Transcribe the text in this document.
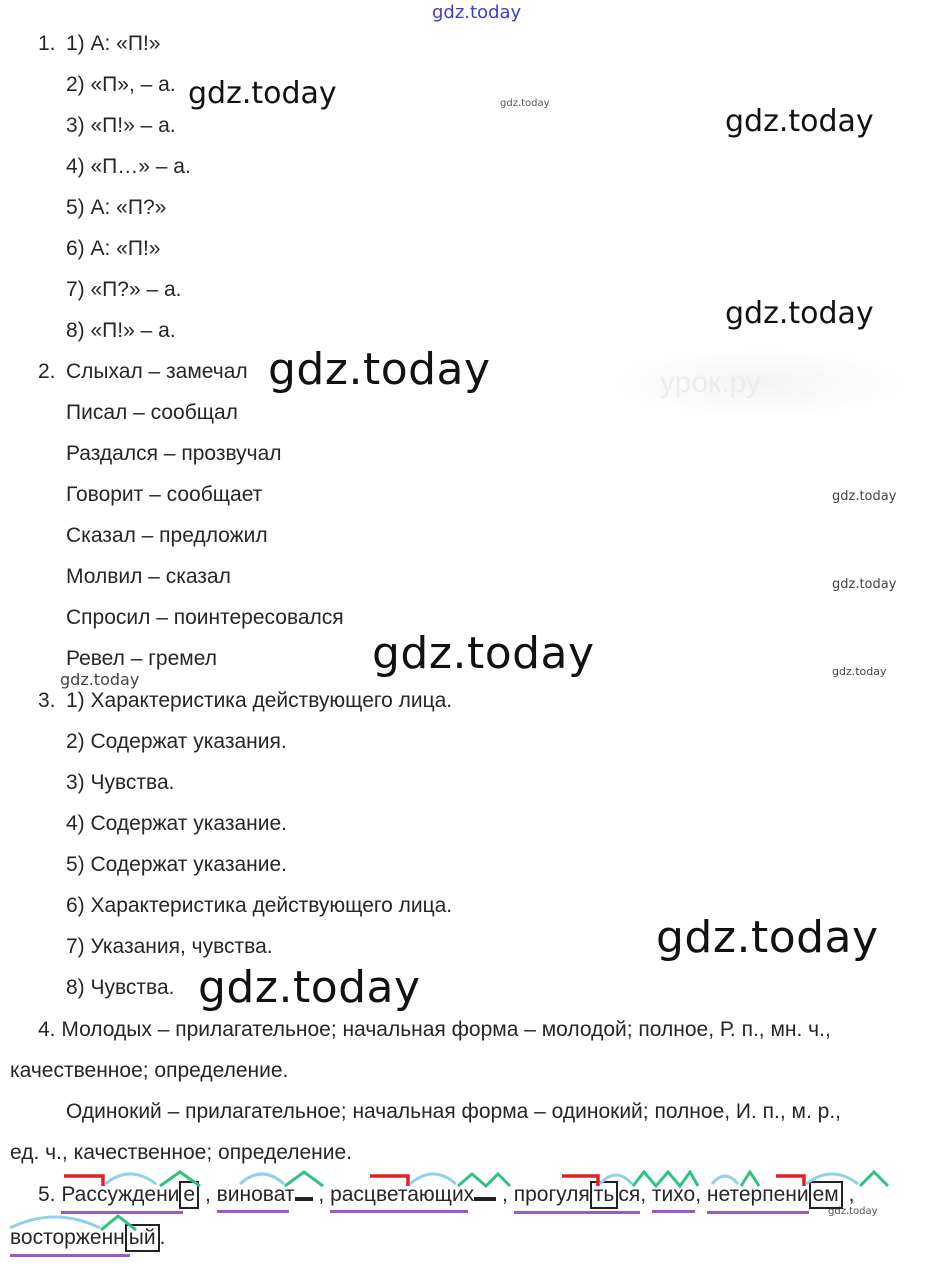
gdz.today
gdz.today	gdz.today
gdz.today
gdz.today
урок.ру
gdz.today
gdz.today
gdz.today
gdz.today	gdz.today
gdz.today
gdz.today
gdz.today
gdz.today
1. 1) А: «П!»
2) «П», – а.
3) «П!» – а.
4) «П…» – а.
5) А: «П?»
6) А: «П!»
7) «П?» – а.
8) «П!» – а.
2. Слыхал – замечал
Писал – сообщал
Раздался – прозвучал
Говорит – сообщает
Сказал – предложил
Молвил – сказал
Спросил – поинтересовался
Ревел – гремел
3. 1) Характеристика действующего лица.
2) Содержат указания.
3) Чувства.
4) Содержат указание.
5) Содержат указание.
6) Характеристика действующего лица.
7) Указания, чувства.
8) Чувства.
4. Молодых – прилагательное; начальная форма – молодой; полное, Р. п., мн. ч.,
качественное; определение.
Одинокий – прилагательное; начальная форма – одинокий; полное, И. п., м. р.,
ед. ч., качественное; определение.
5. Рассуждени е , виноват , расцветающих , прогуля ть ся
, тихо
, нетерпени ем ,
восторженн ый .
